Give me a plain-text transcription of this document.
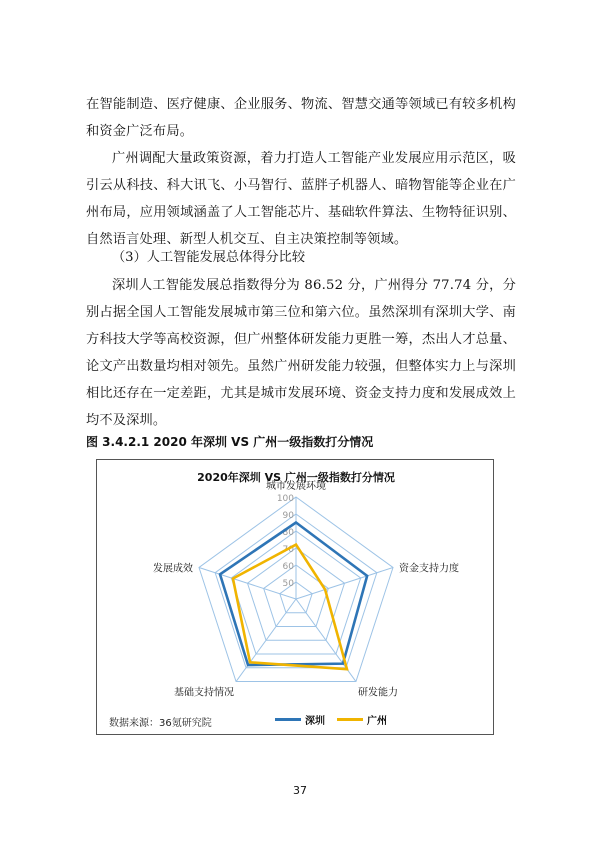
在智能制造、医疗健康、企业服务、物流、智慧交通等领域已有较多机构和资金广泛布局。

广州调配大量政策资源，着力打造人工智能产业发展应用示范区，吸引云从科技、科大讯飞、小马智行、蓝胖子机器人、暗物智能等企业在广州布局，应用领域涵盖了人工智能芯片、基础软件算法、生物特征识别、自然语言处理、新型人机交互、自主决策控制等领域。

（3）人工智能发展总体得分比较

深圳人工智能发展总指数得分为 86.52 分，广州得分 77.74 分，分别占据全国人工智能发展城市第三位和第六位。虽然深圳有深圳大学、南方科技大学等高校资源，但广州整体研发能力更胜一筹，杰出人才总量、论文产出数量均相对领先。虽然广州研发能力较强，但整体实力上与深圳相比还存在一定差距，尤其是城市发展环境、资金支持力度和发展成效上均不及深圳。

图 3.4.2.1 2020 年深圳 VS 广州一级指数打分情况

2020年深圳 VS 广州一级指数打分情况
50
60
70
80
90
100
城市发展环境
资金支持力度
研发能力
基础支持情况
发展成效
数据来源：36氪研究院	深圳	广州
37
